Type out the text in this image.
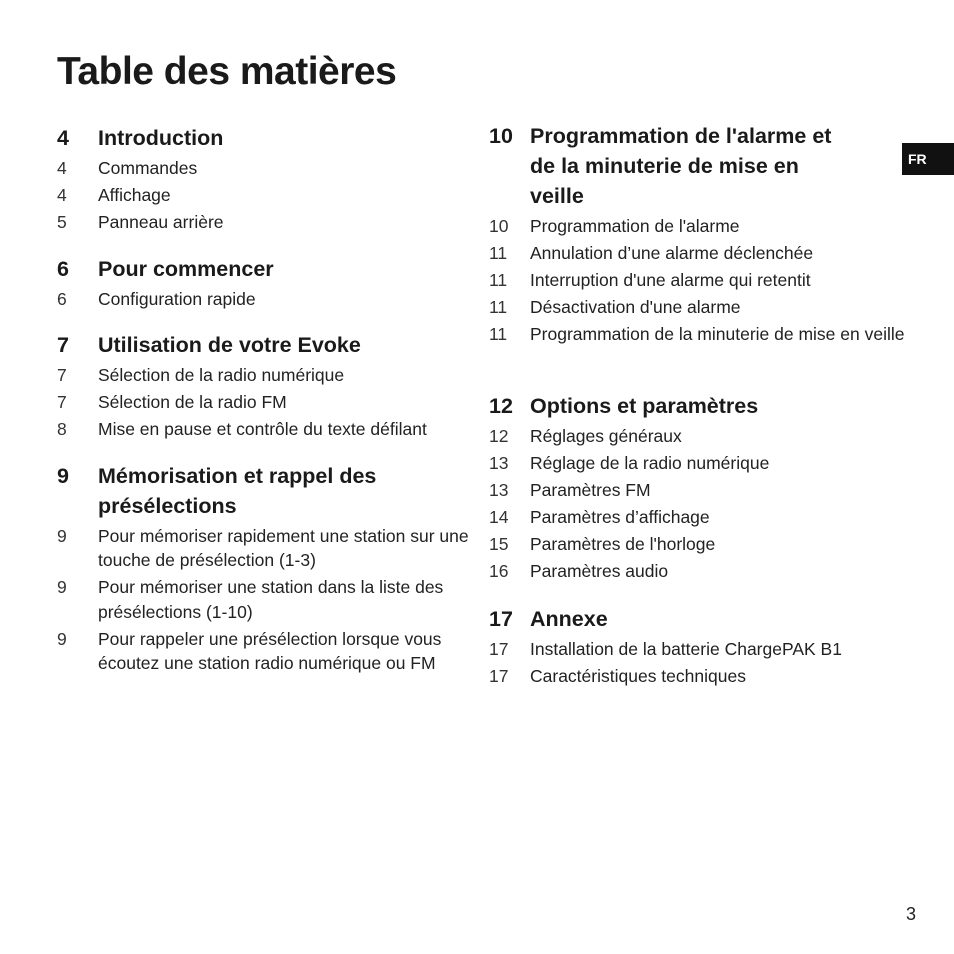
Table des matières
4	Introduction
4	Commandes
4	Affichage
5	Panneau arrière
6	Pour commencer
6	Configuration rapide
7	Utilisation de votre Evoke
7	Sélection de la radio numérique
7	Sélection de la radio FM
8	Mise en pause et contrôle du texte défilant
9	Mémorisation et rappel des présélections
9	Pour mémoriser rapidement une station sur une touche de présélection (1-3)
9	Pour mémoriser une station dans la liste des présélections (1-10)
9	Pour rappeler une présélection lorsque vous écoutez une station radio numérique ou FM
10 Programmation de l'alarme et de la minuterie de mise en veille
10	Programmation de l'alarme
11	Annulation d’une alarme déclenchée
11	Interruption d'une alarme qui retentit
11	Désactivation d'une alarme
11	Programmation de la minuterie de mise en veille
12 Options et paramètres
12	Réglages généraux
13	Réglage de la radio numérique
13	Paramètres FM
14	Paramètres d’affichage
15	Paramètres de l'horloge
16	Paramètres audio
17 Annexe
17	Installation de la batterie ChargePAK B1
17	Caractéristiques techniques
FR
3
